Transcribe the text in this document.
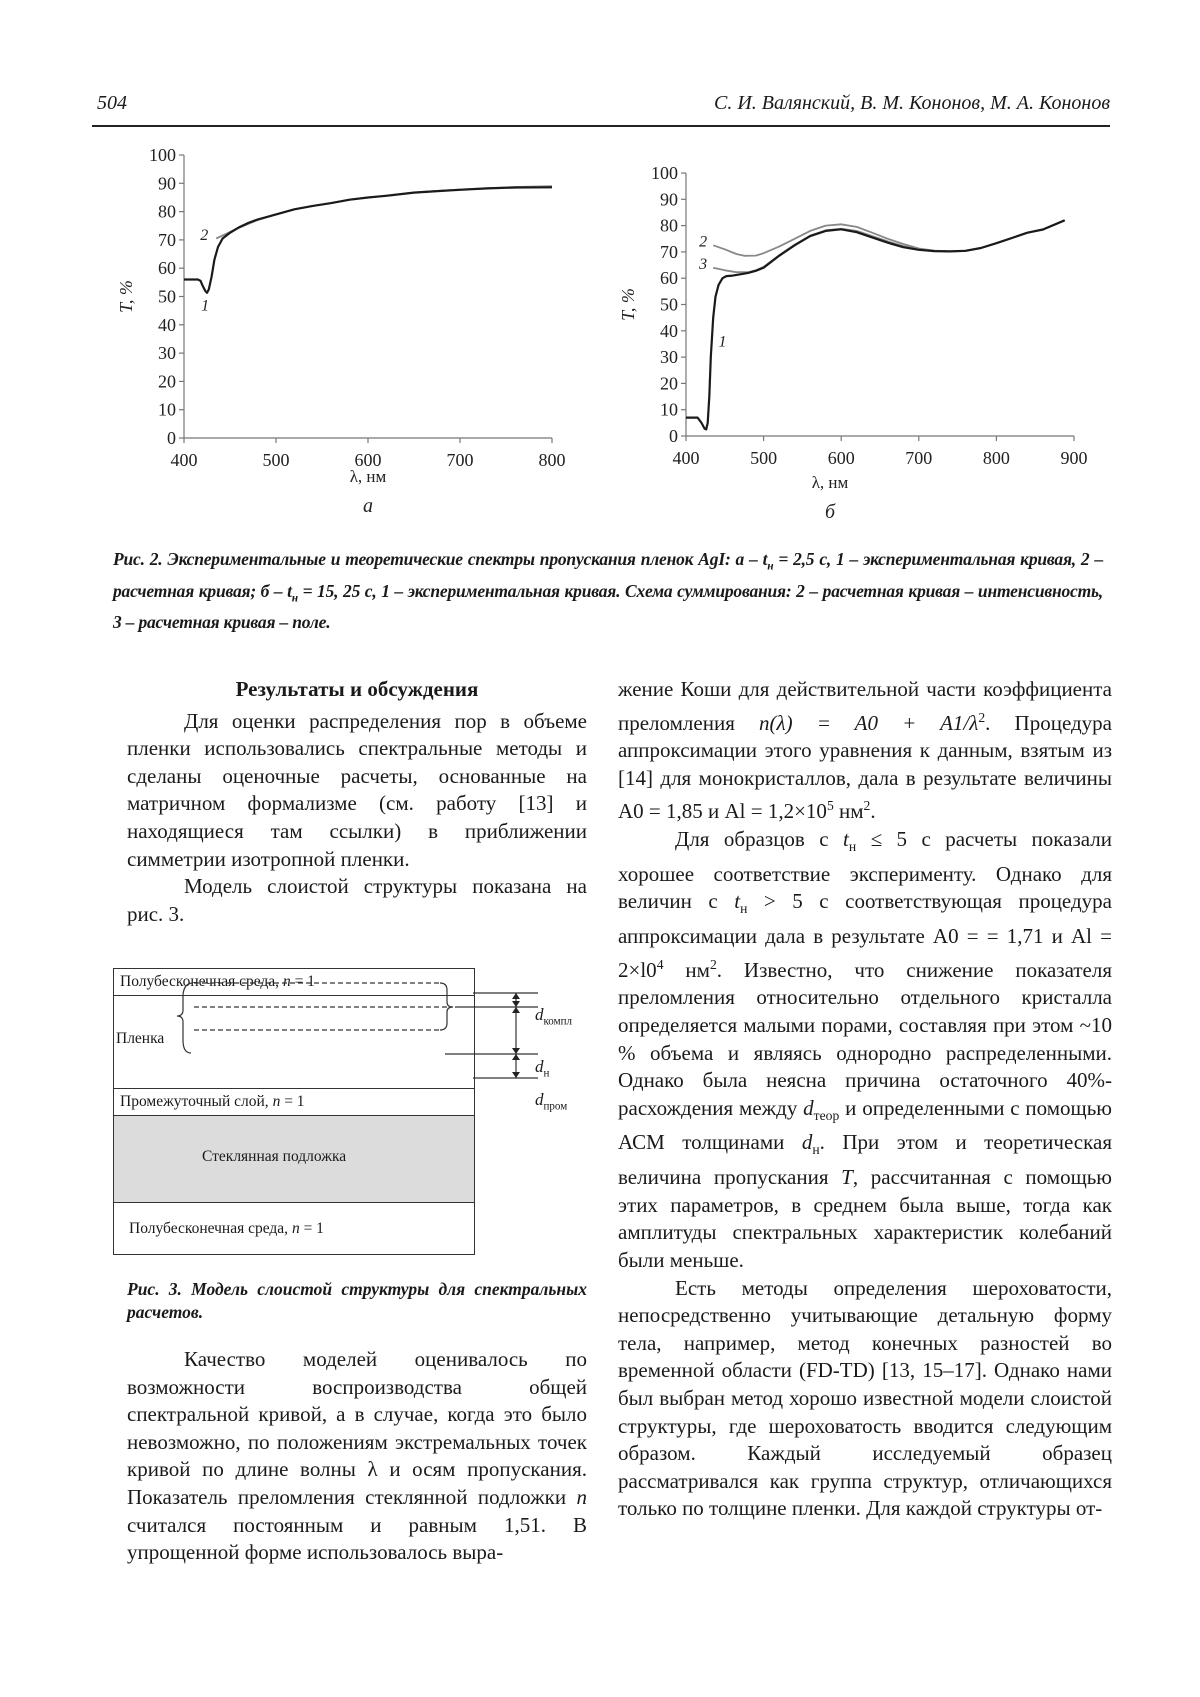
504	С. И. Валянский, В. М. Кононов, М. А. Кононов
0
10
20
30
40
50
60
70
80
90
100
400	500	600	700	800
λ, нм
T, %
а
2
1
0
10
20
30
40
50
60
70
80
90
100
400	500	600	700	800	900
λ, нм
T, %
б
2
3
1
Рис. 2. Экспериментальные и теоретические спектры пропускания пленок AgI: $а - t_н = 2,5$ с, 1 – экспериментальная кривая, 2 – расчетная кривая; $б - t_н = 15$, 25 с, 1 – экспериментальная кривая. Схема суммирования: 2 – расчетная кривая – интенсивность, 3 – расчетная кривая – поле.
Результаты и обсуждения

Для оценки распределения пор в объеме пленки использовались спектральные методы и сделаны оценочные расчеты, основанные на матричном формализме (см. работу [13] и находящиеся там ссылки) в приближении симметрии изотропной пленки.

Модель слоистой структуры показана на рис. 3.

Полубесконечная среда, n = 1
Пленка
Промежуточный слой, n = 1
Стеклянная подложка
Полубесконечная среда, n = 1
$d_{компл}$
$d_н$
$d_{пром}$
Рис. 3. Модель слоистой структуры для спектральных расчетов.

Качество моделей оценивалось по возможности воспроизводства общей спектральной кривой, а в случае, когда это было невозможно, по положениям экстремальных точек кривой по длине волны λ и осям пропускания. Показатель преломления стеклянной подложки n считался постоянным и равным 1,51. В упрощенной форме использовалось выра-

жение Коши для действительной части коэффициента преломления $n(\lambda) = A0 + A1/\lambda^2$. Процедура аппроксимации этого уравнения к данным, взятым из [14] для монокристаллов, дала в результате величины A0 = 1,85 и $Al = 1,2\times 10^5$ $нм^2$.

Для образцов с $t_н \le 5$ с расчеты показали хорошее соответствие эксперименту. Однако для величин с $t_н > 5$ с соответствующая процедура аппроксимации дала в результате A0 = = 1,71 и $Al = 2\times l0^4$ $нм^2$. Известно, что снижение показателя преломления относительно отдельного кристалла определяется малыми порами, составляя при этом ~10 % объема и являясь однородно распределенными. Однако была неясна причина остаточного 40%-расхождения между $d_{теор}$ и определенными с помощью АСМ толщинами $d_н$. При этом и теоретическая величина пропускания T, рассчитанная с помощью этих параметров, в среднем была выше, тогда как амплитуды спектральных характеристик колебаний были меньше.

Есть методы определения шероховатости, непосредственно учитывающие детальную форму тела, например, метод конечных разностей во временной области (FD-TD) [13, 15–17]. Однако нами был выбран метод хорошо известной модели слоистой структуры, где шероховатость вводится следующим образом. Каждый исследуемый образец рассматривался как группа структур, отличающихся только по толщине пленки. Для каждой структуры от-
